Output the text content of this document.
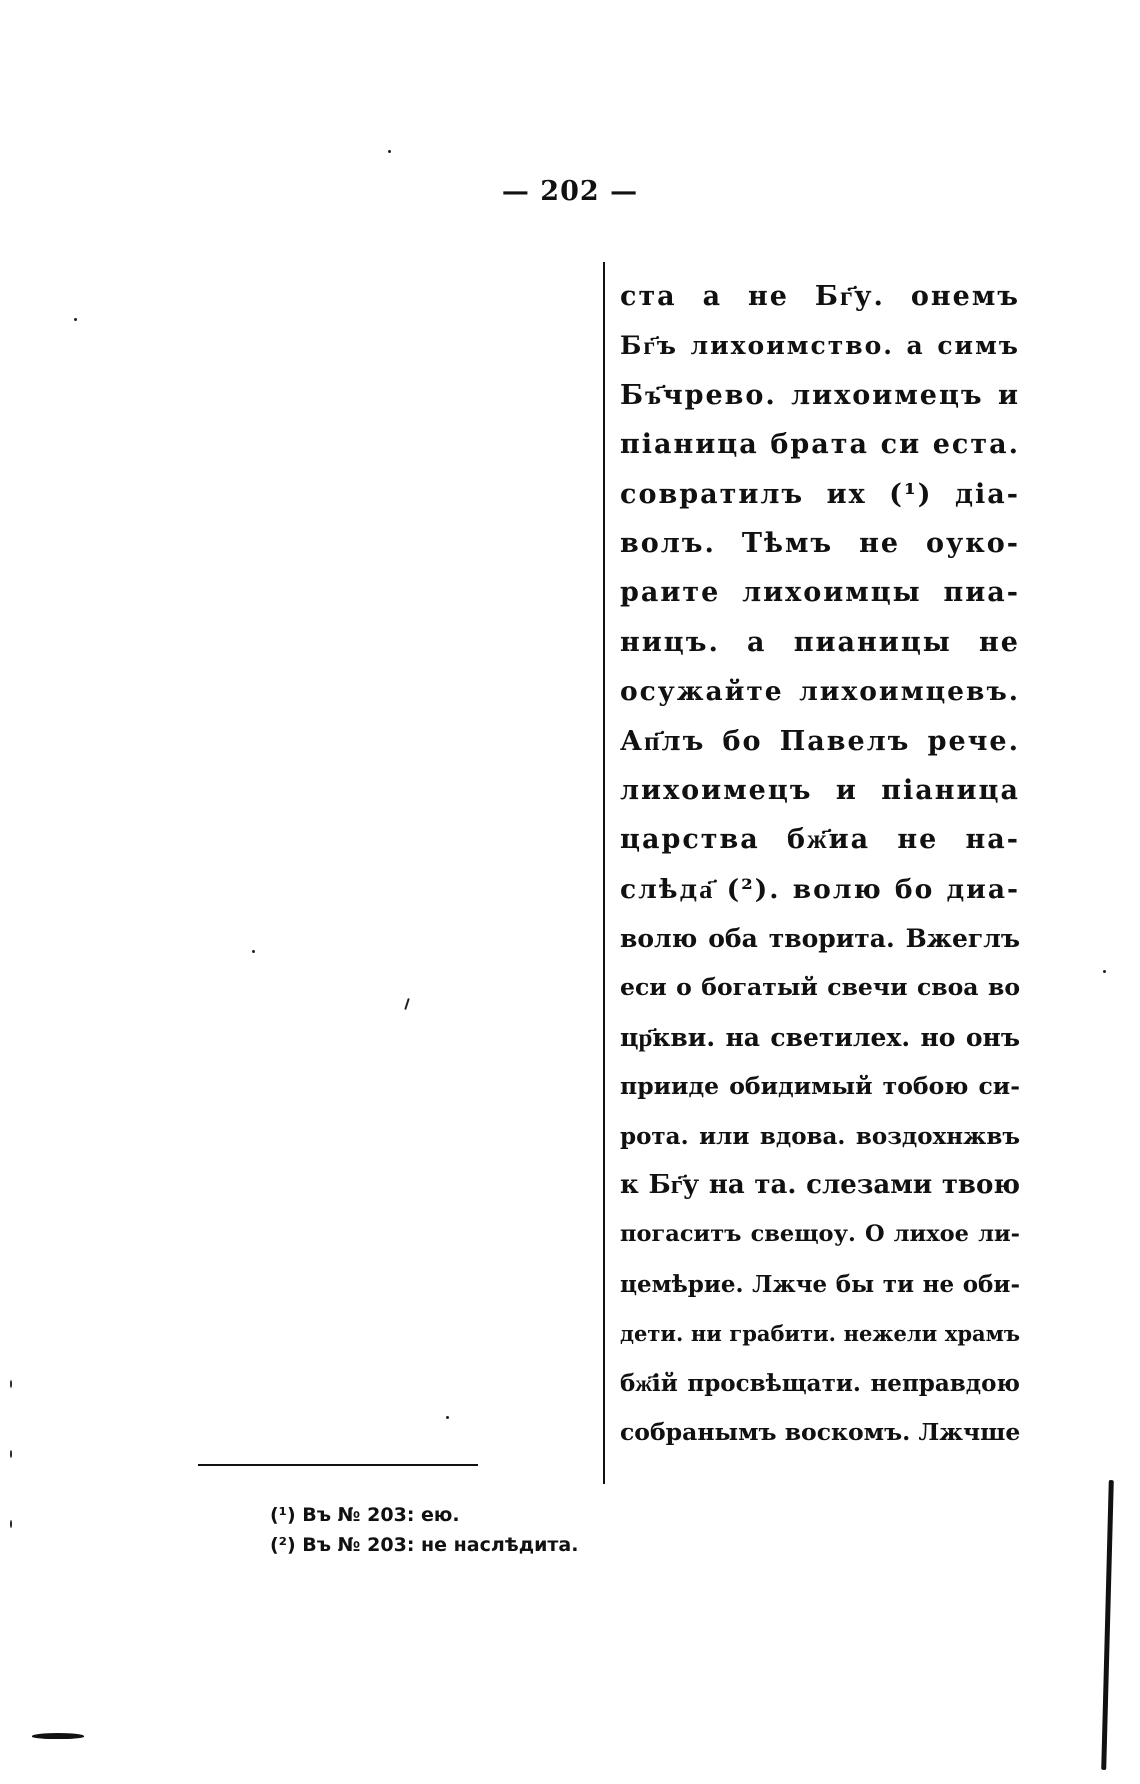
— 202 —
ста а не Бг҃у. онемъ
Бг҃ъ лихоимство. а симъ
Бъ҃чрево. лихоимецъ и
піаница брата си еста.
совратилъ их (¹) діа-
волъ. Тѣмъ не оуко-
раите лихоимцы пиа-
ницъ. а пианицы не
осужайте лихоимцевъ.
Ап҃лъ бо Павелъ рече.
лихоимецъ и піаница
царства бж҃иа не на-
слѣда҃ (²). волю бо диа-
волю оба творита. Вжеглъ
еси о богатый свечи своа во
цр҃кви. на светилех. но онъ
прииде обидимый тобою си-
рота. или вдова. воздохнжвъ
к Бг҃у на та. слезами твою
погаситъ свещоу. О лихое ли-
цемѣрие. Лжче бы ти не оби-
дети. ни грабити. нежели храмъ
бж҃ій просвѣщати. неправдою
собранымъ воскомъ. Лжчше
(¹) Въ № 203: ею.
(²) Въ № 203: не наслѣдита.
